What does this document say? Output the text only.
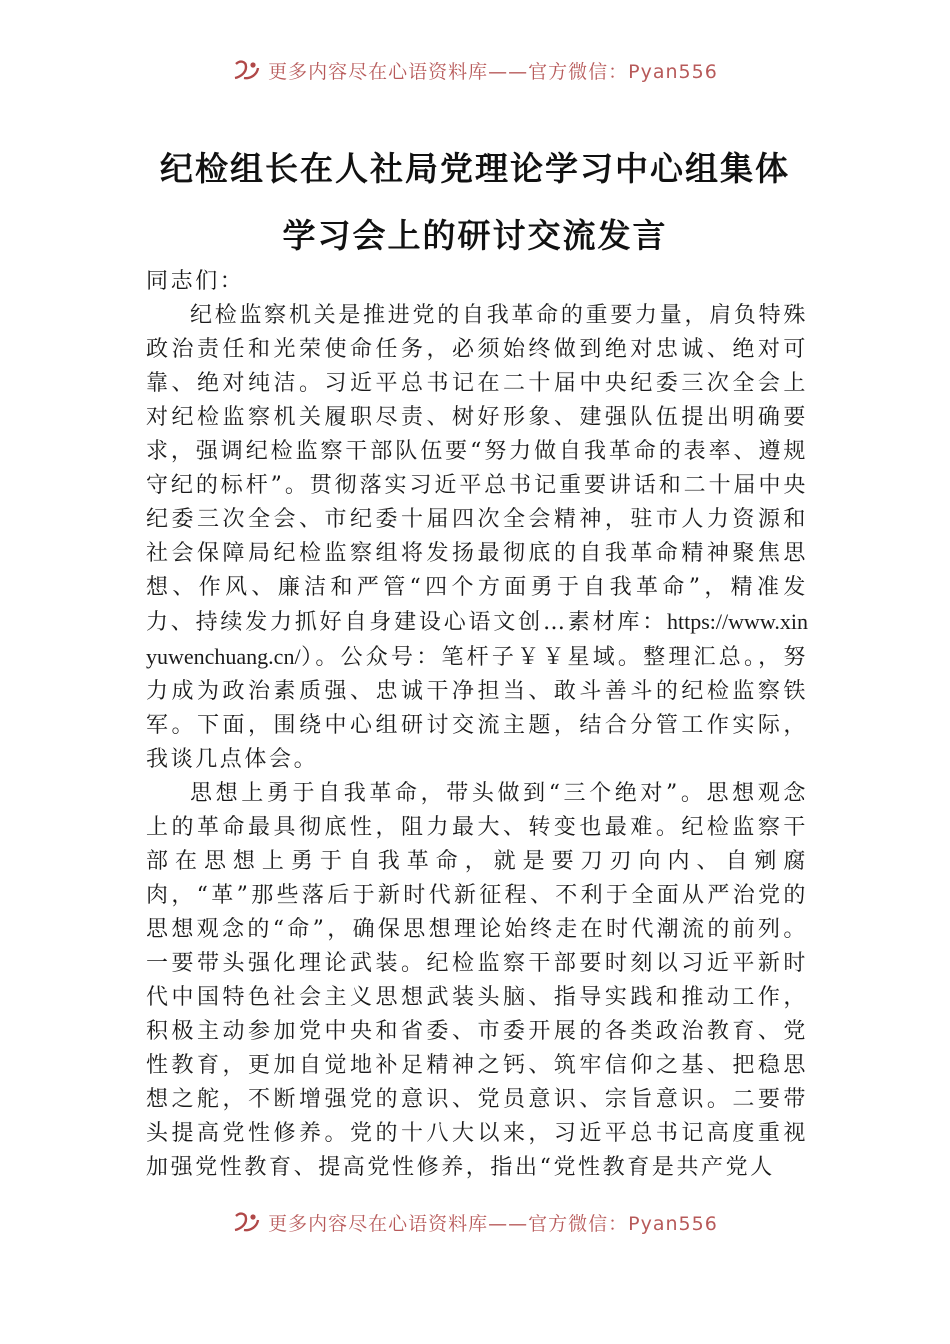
更多内容尽在心语资料库——官方微信：Pyan556
纪检组长在人社局党理论学习中心组集体
学习会上的研讨交流发言

同志们：

纪检监察机关是推进党的自我革命的重要力量，肩负特殊政治责任和光荣使命任务，必须始终做到绝对忠诚、绝对可靠、绝对纯洁。习近平总书记在二十届中央纪委三次全会上对纪检监察机关履职尽责、树好形象、建强队伍提出明确要求，强调纪检监察干部队伍要“努力做自我革命的表率、遵规守纪的标杆”。贯彻落实习近平总书记重要讲话和二十届中央纪委三次全会、市纪委十届四次全会精神，驻市人力资源和社会保障局纪检监察组将发扬最彻底的自我革命精神聚焦思想、作风、廉洁和严管“四个方面勇于自我革命”，精准发力、持续发力抓好自身建设心语文创…素材库：https://www.xinyuwenchuang.cn/）。公众号：笔杆子￥￥星域。整理汇总。，努力成为政治素质强、忠诚干净担当、敢斗善斗的纪检监察铁军。下面，围绕中心组研讨交流主题，结合分管工作实际，我谈几点体会。

思想上勇于自我革命，带头做到“三个绝对”。思想观念上的革命最具彻底性，阻力最大、转变也最难。纪检监察干部在思想上勇于自我革命，就是要刀刃向内、自剜腐肉，“革”那些落后于新时代新征程、不利于全面从严治党的思想观念的“命”，确保思想理论始终走在时代潮流的前列。一要带头强化理论武装。纪检监察干部要时刻以习近平新时代中国特色社会主义思想武装头脑、指导实践和推动工作，积极主动参加党中央和省委、市委开展的各类政治教育、党性教育，更加自觉地补足精神之钙、筑牢信仰之基、把稳思想之舵，不断增强党的意识、党员意识、宗旨意识。二要带头提高党性修养。党的十八大以来，习近平总书记高度重视加强党性教育、提高党性修养，指出“党性教育是共产党人

更多内容尽在心语资料库——官方微信：Pyan556
